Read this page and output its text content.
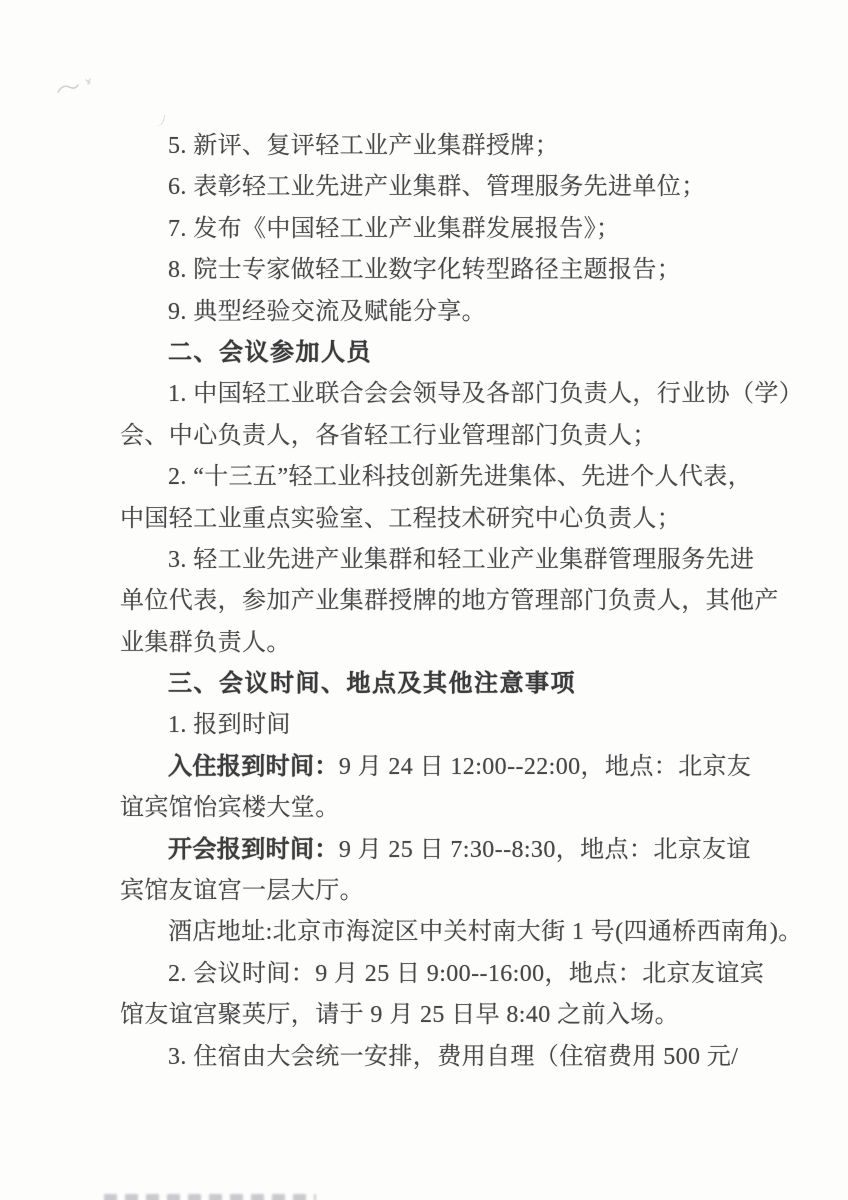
5. 新评、复评轻工业产业集群授牌；

6. 表彰轻工业先进产业集群、管理服务先进单位；

7. 发布《中国轻工业产业集群发展报告》；

8. 院士专家做轻工业数字化转型路径主题报告；

9. 典型经验交流及赋能分享。

二、会议参加人员

1. 中国轻工业联合会会领导及各部门负责人，行业协（学）

会、中心负责人，各省轻工行业管理部门负责人；

2. “十三五”轻工业科技创新先进集体、先进个人代表，

中国轻工业重点实验室、工程技术研究中心负责人；

3. 轻工业先进产业集群和轻工业产业集群管理服务先进

单位代表，参加产业集群授牌的地方管理部门负责人，其他产

业集群负责人。

三、会议时间、地点及其他注意事项

1. 报到时间

入住报到时间：9 月 24 日 12:00--22:00，地点：北京友

谊宾馆怡宾楼大堂。

开会报到时间：9 月 25 日 7:30--8:30，地点：北京友谊

宾馆友谊宫一层大厅。

酒店地址:北京市海淀区中关村南大街 1 号(四通桥西南角)。

2. 会议时间：9 月 25 日 9:00--16:00，地点：北京友谊宾

馆友谊宫聚英厅，请于 9 月 25 日早 8:40 之前入场。

3. 住宿由大会统一安排，费用自理（住宿费用 500 元/
